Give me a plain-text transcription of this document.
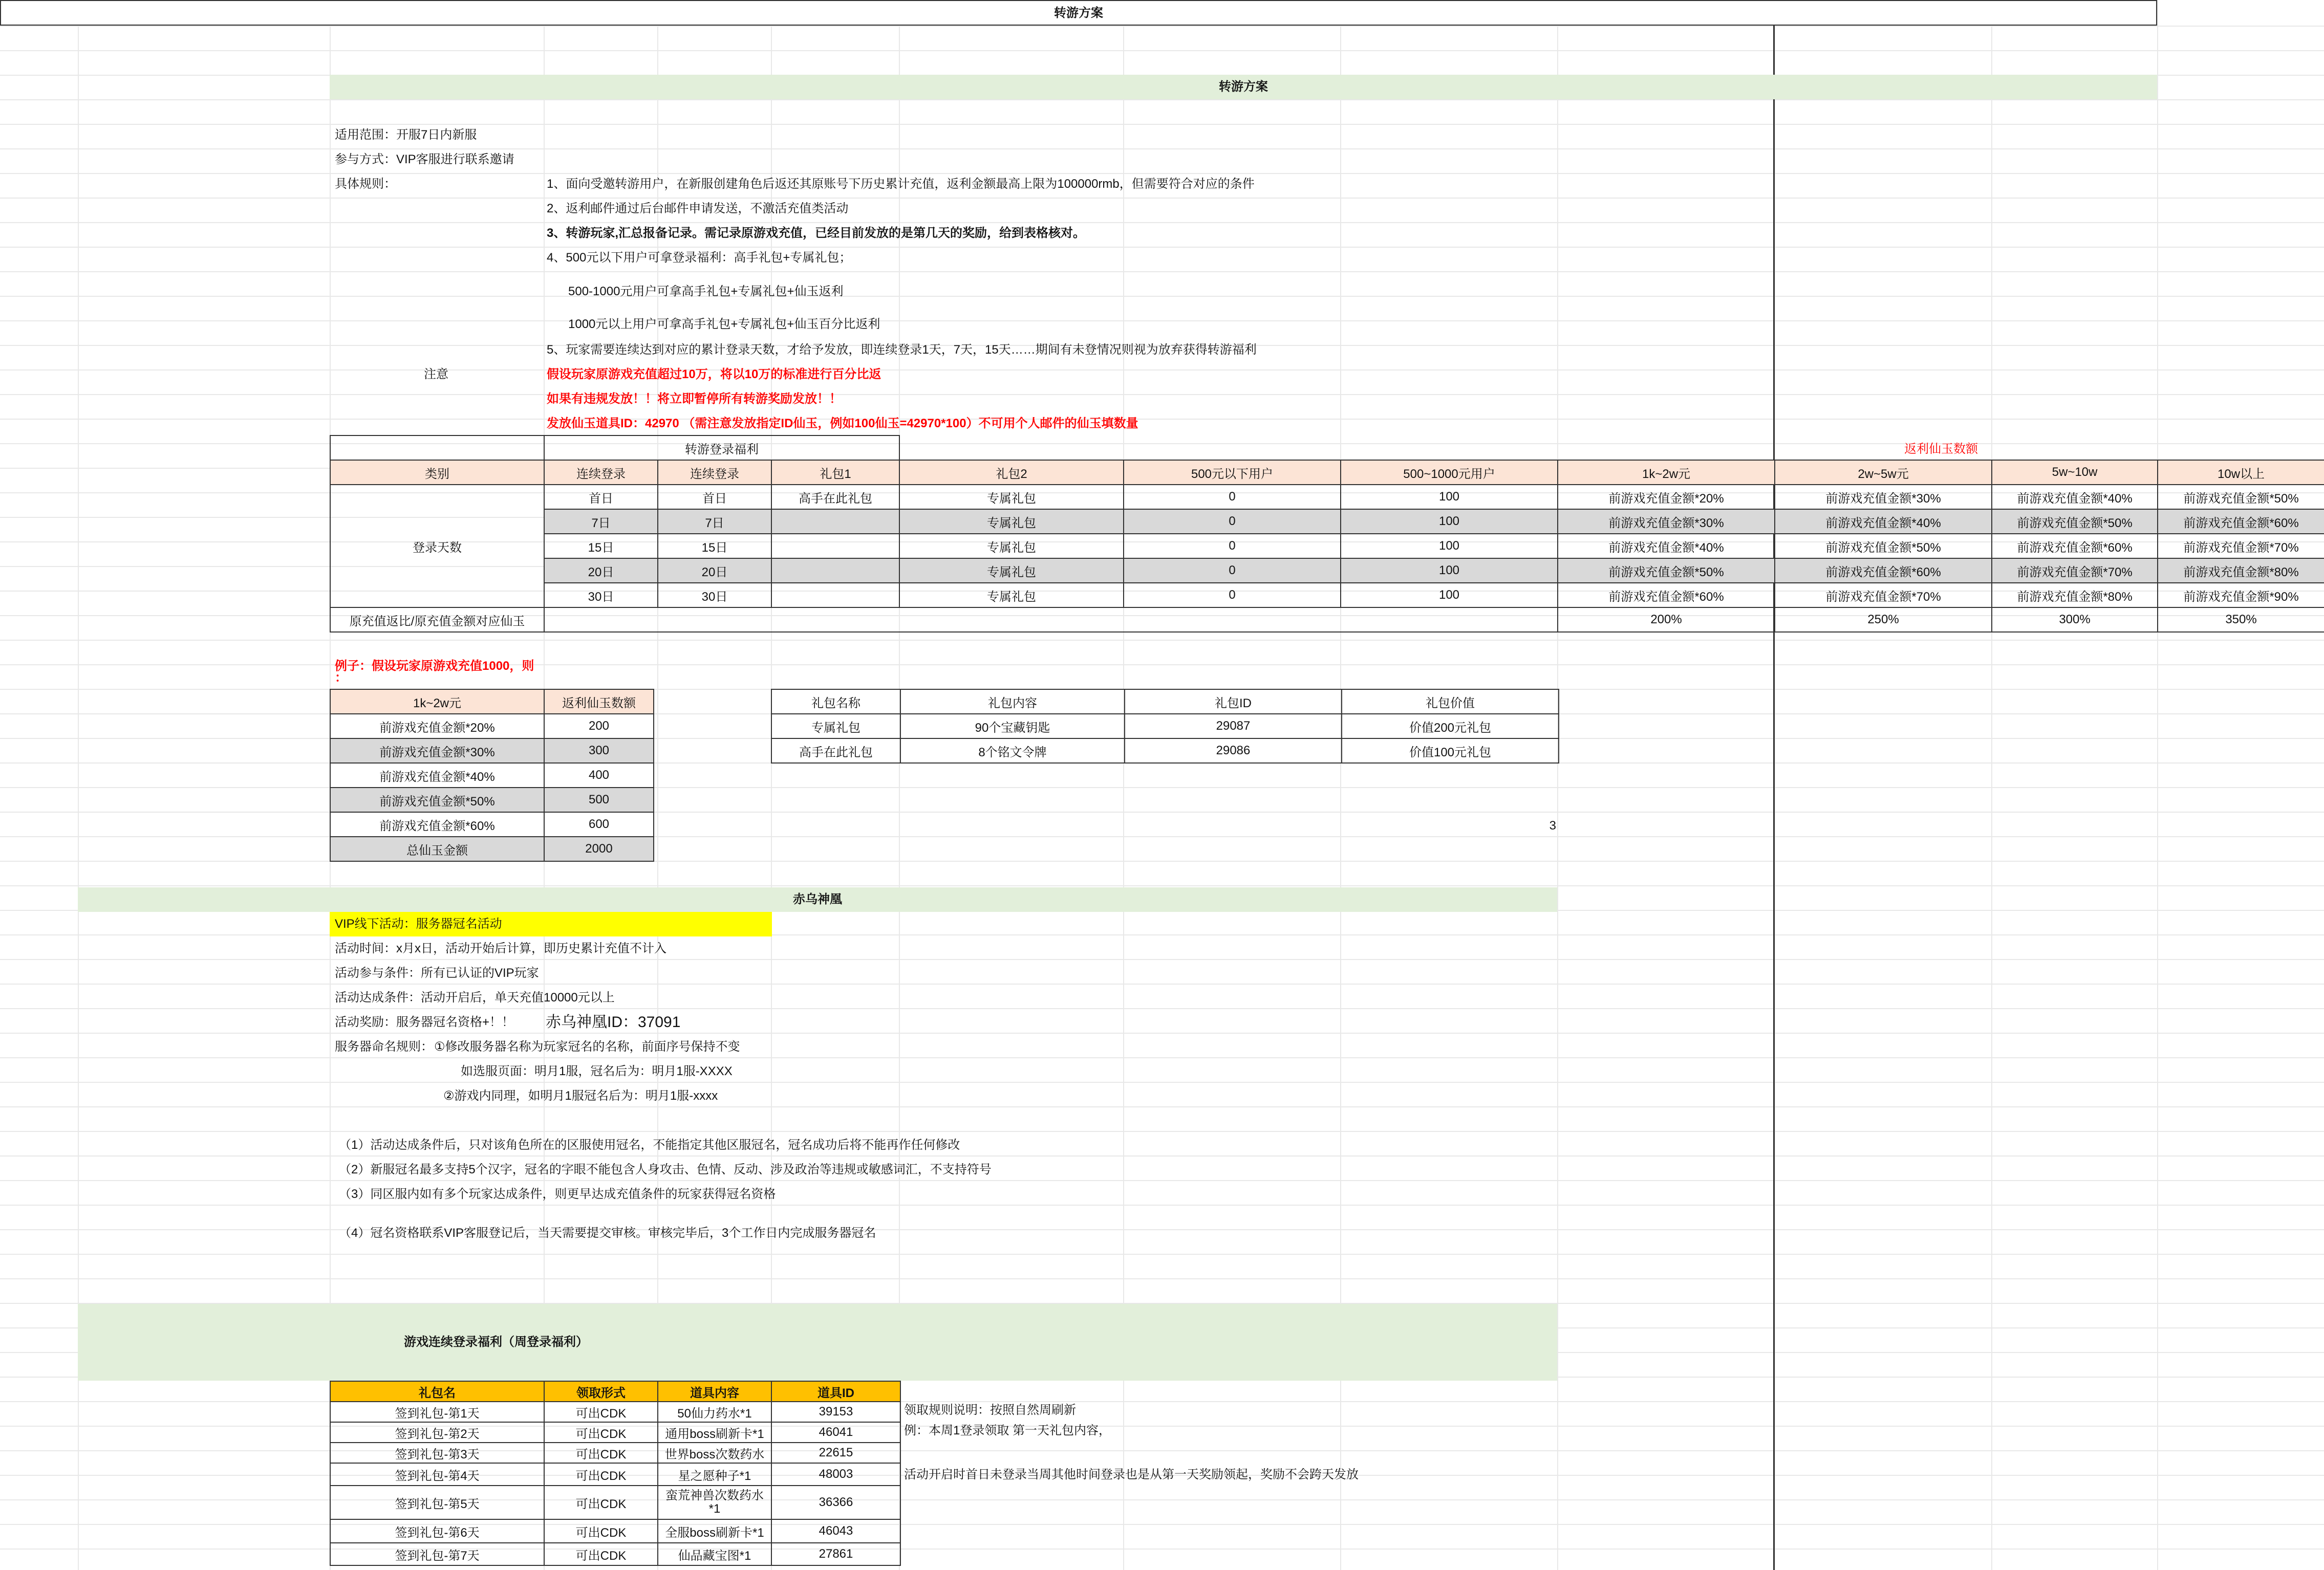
转游方案
转游方案
适用范围：开服7日内新服
参与方式：VIP客服进行联系邀请
具体规则：	1、面向受邀转游用户，在新服创建角色后返还其原账号下历史累计充值，返利金额最高上限为100000rmb，但需要符合对应的条件
2、返利邮件通过后台邮件申请发送，不激活充值类活动
3、转游玩家,汇总报备记录。需记录原游戏充值，已经目前发放的是第几天的奖励，给到表格核对。
4、500元以下用户可拿登录福利：高手礼包+专属礼包；
500-1000元用户可拿高手礼包+专属礼包+仙玉返利
1000元以上用户可拿高手礼包+专属礼包+仙玉百分比返利
5、玩家需要连续达到对应的累计登录天数，才给予发放，即连续登录1天，7天，15天……期间有未登情况则视为放弃获得转游福利
注意	假设玩家原游戏充值超过10万，将以10万的标准进行百分比返
如果有违规发放！！将立即暂停所有转游奖励发放！！
发放仙玉道具ID：42970 （需注意发放指定ID仙玉，例如100仙玉=42970*100）不可用个人邮件的仙玉填数量
	转游登录福利						返利仙玉数额			
类别	连续登录	连续登录	礼包1	礼包2	500元以下用户	500~1000元用户	1k~2w元	2w~5w元	5w~10w	10w以上
登录天数	首日	首日	高手在此礼包	专属礼包	0	100	前游戏充值金额*20%	前游戏充值金额*30%	前游戏充值金额*40%	前游戏充值金额*50%
	7日	7日		专属礼包	0	100	前游戏充值金额*30%	前游戏充值金额*40%	前游戏充值金额*50%	前游戏充值金额*60%
	15日	15日		专属礼包	0	100	前游戏充值金额*40%	前游戏充值金额*50%	前游戏充值金额*60%	前游戏充值金额*70%
	20日	20日		专属礼包	0	100	前游戏充值金额*50%	前游戏充值金额*60%	前游戏充值金额*70%	前游戏充值金额*80%
	30日	30日		专属礼包	0	100	前游戏充值金额*60%	前游戏充值金额*70%	前游戏充值金额*80%	前游戏充值金额*90%
原充值返比/原充值金额对应仙玉							200%	250%	300%	350%
例子：假设玩家原游戏充值1000，则
：
1k~2w元	返利仙玉数额
前游戏充值金额*20%	200
前游戏充值金额*30%	300
前游戏充值金额*40%	400
前游戏充值金额*50%	500
前游戏充值金额*60%	600
总仙玉金额	2000
礼包名称	礼包内容	礼包ID	礼包价值
专属礼包	90个宝藏钥匙	29087	价值200元礼包
高手在此礼包	8个铭文令牌	29086	价值100元礼包
3
赤乌神凰
VIP线下活动：服务器冠名活动
活动时间：x月x日，活动开始后计算，即历史累计充值不计入
活动参与条件：所有已认证的VIP玩家
活动达成条件：活动开启后，单天充值10000元以上
活动奖励：服务器冠名资格+！！ 赤乌神凰ID：37091
服务器命名规则： ①修改服务器名称为玩家冠名的名称，前面序号保持不变
如选服页面：明月1服，冠名后为：明月1服-XXXX
②游戏内同理，如明月1服冠名后为：明月1服-xxxx
（1）活动达成条件后，只对该角色所在的区服使用冠名，不能指定其他区服冠名，冠名成功后将不能再作任何修改
（2）新服冠名最多支持5个汉字，冠名的字眼不能包含人身攻击、色情、反动、涉及政治等违规或敏感词汇，不支持符号
（3）同区服内如有多个玩家达成条件，则更早达成充值条件的玩家获得冠名资格
（4）冠名资格联系VIP客服登记后，当天需要提交审核。审核完毕后，3个工作日内完成服务器冠名
游戏连续登录福利（周登录福利）
礼包名	领取形式	道具内容	道具ID
签到礼包-第1天	可出CDK	50仙力药水*1	39153
签到礼包-第2天	可出CDK	通用boss刷新卡*1	46041
签到礼包-第3天	可出CDK	世界boss次数药水	22615
签到礼包-第4天	可出CDK	星之愿种子*1	48003
签到礼包-第5天	可出CDK	蛮荒神兽次数药水*1	36366
签到礼包-第6天	可出CDK	全服boss刷新卡*1	46043
签到礼包-第7天	可出CDK	仙品藏宝图*1	27861
领取规则说明：按照自然周刷新
例：本周1登录领取 第一天礼包内容，
活动开启时首日未登录当周其他时间登录也是从第一天奖励领起，奖励不会跨天发放
